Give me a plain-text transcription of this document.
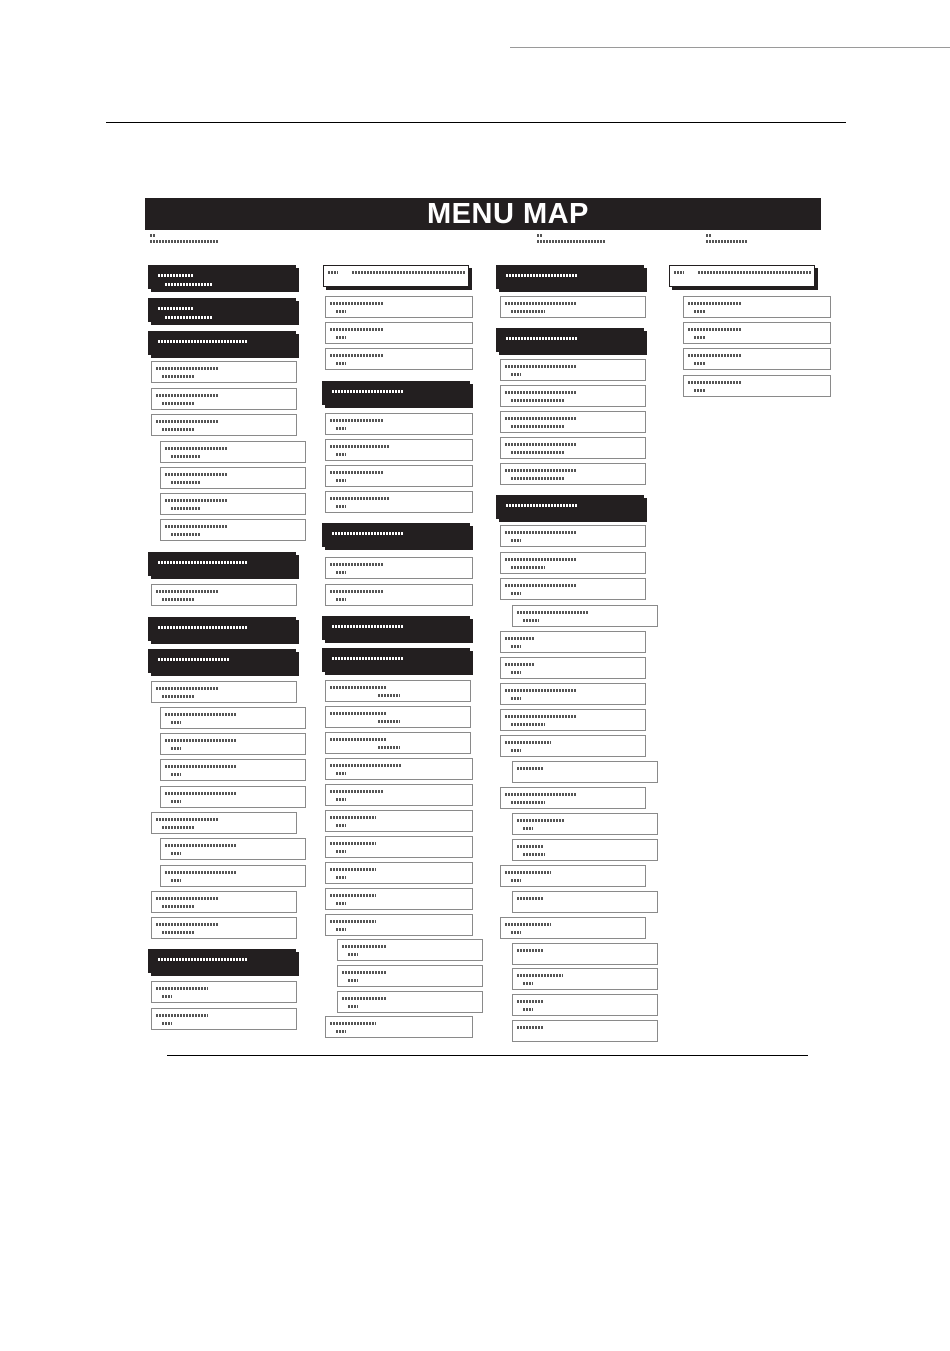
MENU MAP
